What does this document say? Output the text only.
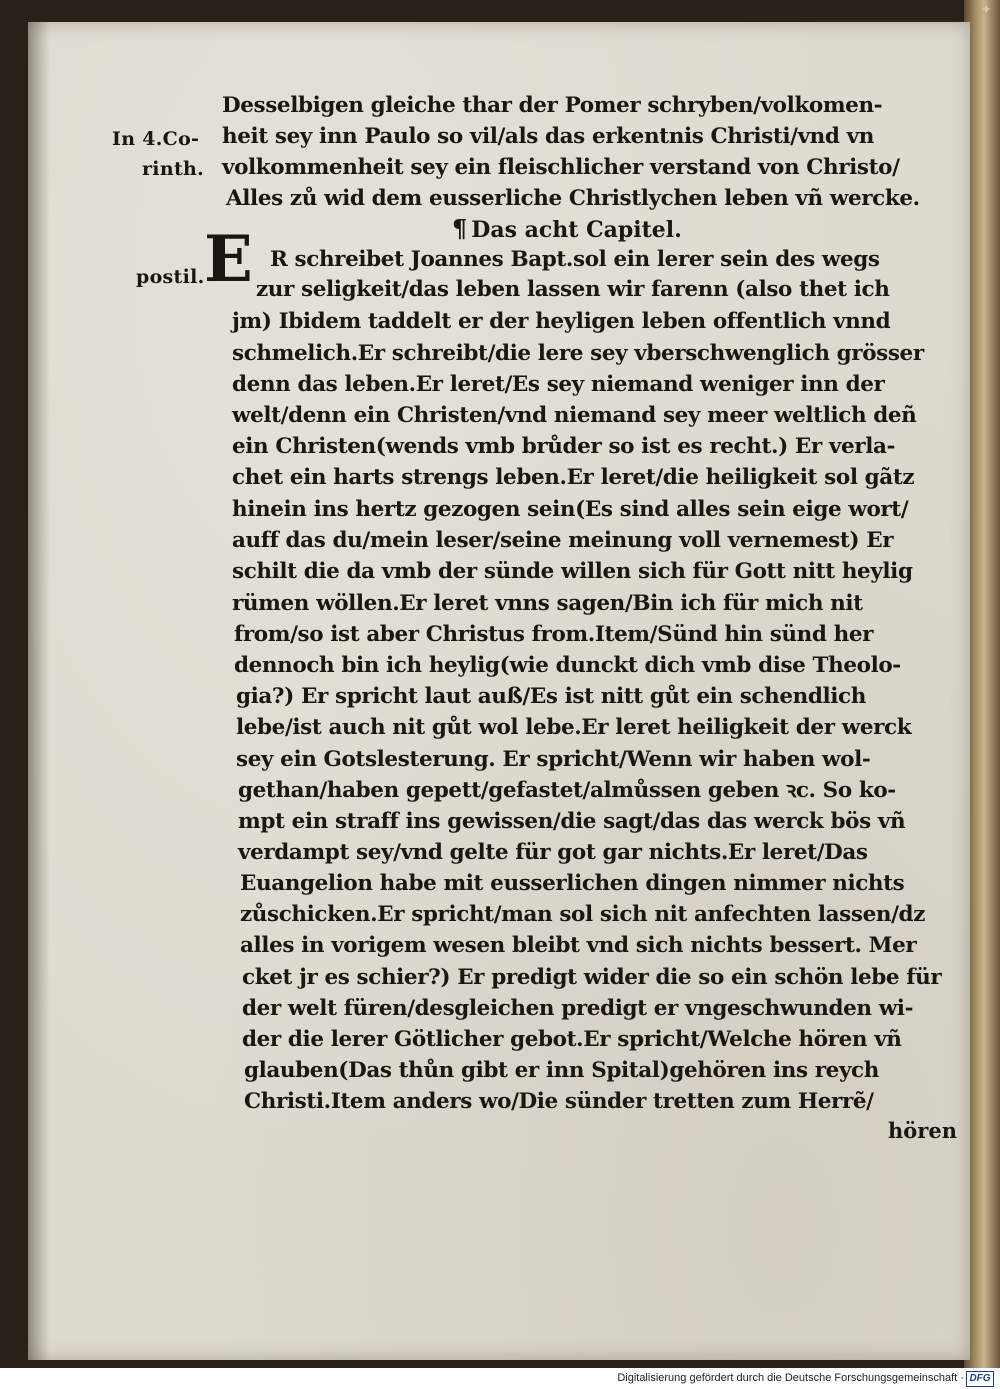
✦
In 4.Co-
rinth.
postil.
Desselbigen gleiche thar der Pomer schryben/volkomen-
heit sey inn Paulo so vil/als das erkentnis Christi/vnd vn
volkommenheit sey ein fleischlicher verstand von Christo/
Alles zů wid dem eusserliche Christlychen leben vñ wercke.
¶ Das acht Capitel.
E R schreibet Joannes Bapt.sol ein lerer sein des wegs
zur seligkeit/das leben lassen wir farenn (also thet ich
jm) Ibidem taddelt er der heyligen leben offentlich vnnd
schmelich.Er schreibt/die lere sey vberschwenglich grösser
denn das leben.Er leret/Es sey niemand weniger inn der
welt/denn ein Christen/vnd niemand sey meer weltlich deñ
ein Christen(wends vmb brůder so ist es recht.) Er verla-
chet ein harts strengs leben.Er leret/die heiligkeit sol gãtz
hinein ins hertz gezogen sein(Es sind alles sein eige wort/
auff das du/mein leser/seine meinung voll vernemest) Er
schilt die da vmb der sünde willen sich für Gott nitt heylig
rümen wöllen.Er leret vnns sagen/Bin ich für mich nit
from/so ist aber Christus from.Item/Sünd hin sünd her
dennoch bin ich heylig(wie dunckt dich vmb dise Theolo-
gia?) Er spricht laut auß/Es ist nitt gůt ein schendlich
lebe/ist auch nit gůt wol lebe.Er leret heiligkeit der werck
sey ein Gotslesterung. Er spricht/Wenn wir haben wol-
gethan/haben gepett/gefastet/almůssen geben ꝛc. So ko-
mpt ein straff ins gewissen/die sagt/das das werck bös vñ
verdampt sey/vnd gelte für got gar nichts.Er leret/Das
Euangelion habe mit eusserlichen dingen nimmer nichts
zůschicken.Er spricht/man sol sich nit anfechten lassen/dz
alles in vorigem wesen bleibt vnd sich nichts bessert. Mer
cket jr es schier?) Er predigt wider die so ein schön lebe für
der welt füren/desgleichen predigt er vngeschwunden wi-
der die lerer Götlicher gebot.Er spricht/Welche hören vñ
glauben(Das thůn gibt er inn Spital)gehören ins reych
Christi.Item anders wo/Die sünder tretten zum Herrẽ/
hören
Digitalisierung gefördert durch die Deutsche Forschungsgemeinschaft · DFG
